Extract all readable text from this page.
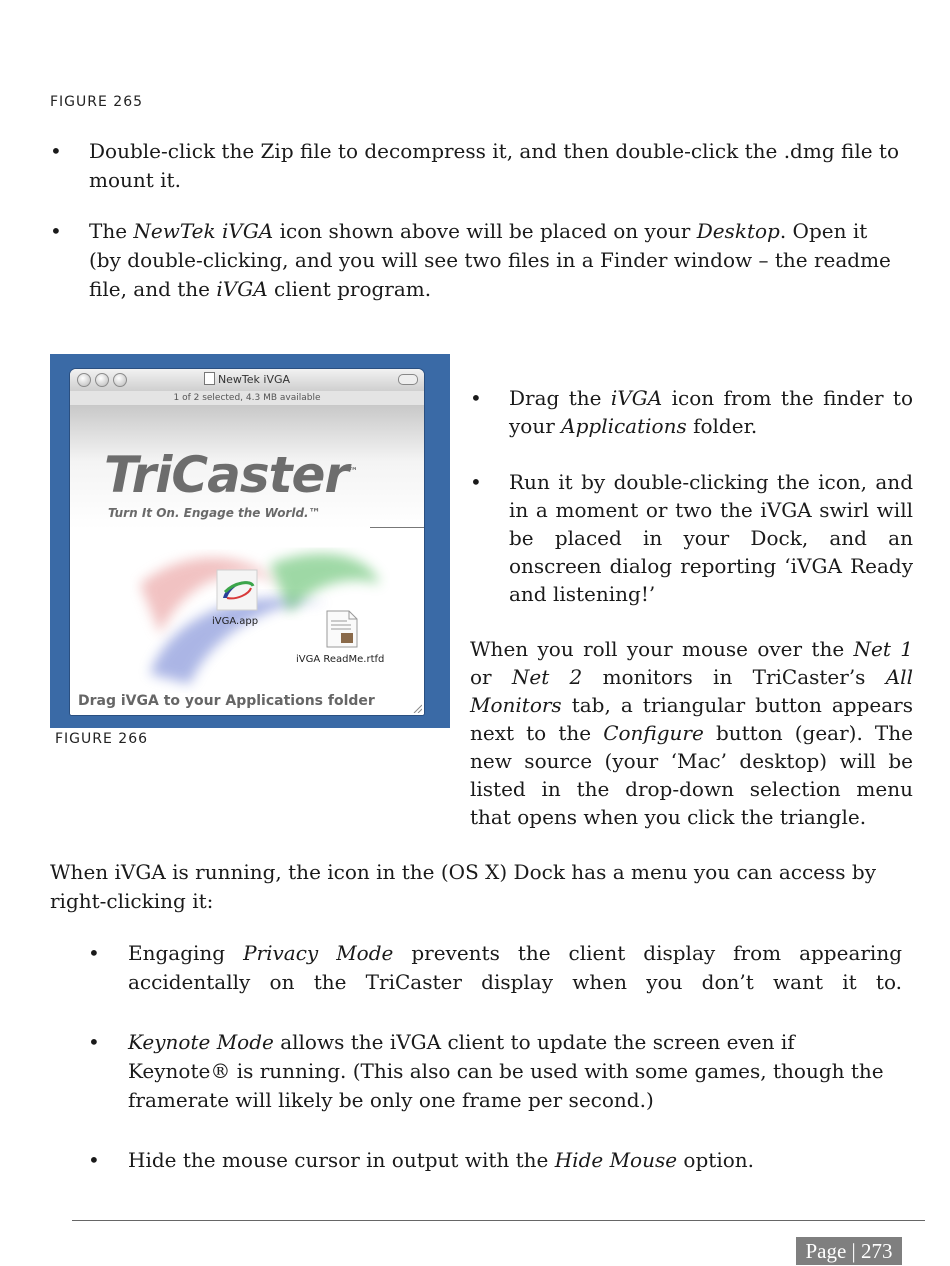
FIGURE 265
• Double-click the Zip file to decompress it, and then double-click the .dmg file to mount it.

• The NewTek iVGA icon shown above will be placed on your Desktop. Open it (by double-clicking, and you will see two files in a Finder window – the readme file, and the iVGA client program.

NewTek iVGA
1 of 2 selected, 4.3 MB available
TriCaster™
Turn It On. Engage the World.™
iVGA.app
iVGA ReadMe.rtfd
Drag iVGA to your Applications folder
FIGURE 266
• Drag the iVGA icon from the finder to your Applications folder.

• Run it by double-clicking the icon, and in a moment or two the iVGA swirl will be placed in your Dock, and an onscreen dialog reporting ‘iVGA Ready and listening!’

When you roll your mouse over the Net 1 or Net 2 monitors in TriCaster’s All Monitors tab, a triangular button appears next to the Configure button (gear). The new source (your ‘Mac’ desktop) will be listed in the drop-down selection menu that opens when you click the triangle.

When iVGA is running, the icon in the (OS X) Dock has a menu you can access by right-clicking it:

• Engaging Privacy Mode prevents the client display from appearing accidentally on the TriCaster display when you don’t want it to.

• Keynote Mode allows the iVGA client to update the screen even if Keynote® is running. (This also can be used with some games, though the framerate will likely be only one frame per second.)

• Hide the mouse cursor in output with the Hide Mouse option.

Page | 273
